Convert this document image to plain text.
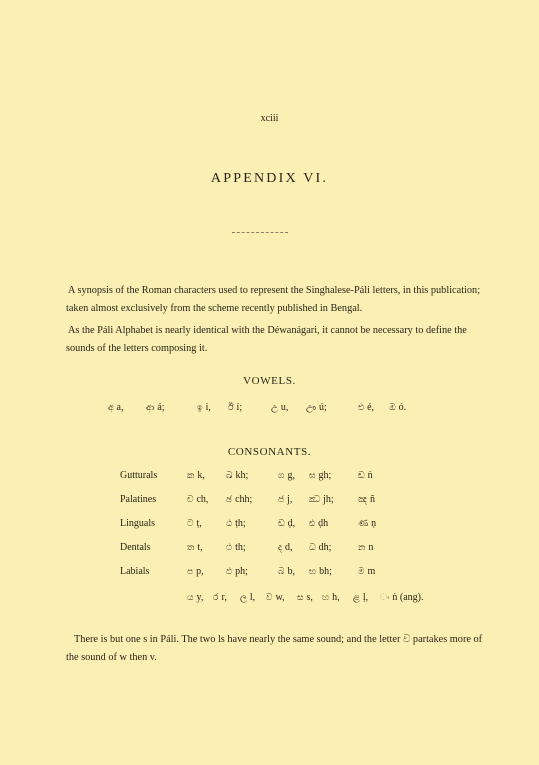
xciii
APPENDIX VI.

A synopsis of the Roman characters used to represent the Singhalese-Páli letters, in this publication; taken almost exclusively from the scheme recently published in Bengal.

As the Páli Alphabet is nearly identical with the Déwanágari, it cannot be necessary to define the sounds of the letters composing it.

VOWELS.
අ a,	ආ á;	ඉ i, ඊ í;	උ u, ඌ ú;	එ é, ඔ ó.
CONSONANTS.
Gutturals	ක k, ඛ kh;	ග g, ඝ gh;	ඞ ṅ
Palatines	ච ch, ඡ chh;	ජ j, ඣ jh;	ඤ ñ
Linguals	ට ṭ,	ඨ ṭh;	ඩ ḍ, ඪ ḍh	ණ ṇ
Dentals	ත t,	ථ th;	ද d, ධ dh;	න n
Labials	ප p, ඵ ph;	බ b, භ bh;	ම m
ය y, ර r, ල l, ව w, ස s, හ h, ළ ḷ, ං ṅ (ang).

There is but one s in Páli. The two ls have nearly the same sound; and the letter ව partakes more of the sound of w then v.
